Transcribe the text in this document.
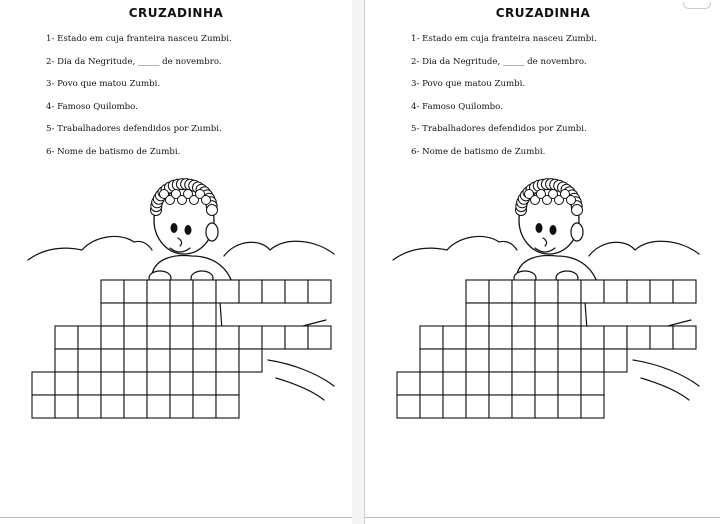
CRUZADINHA
1- Estado em cuja franteira nasceu Zumbi.
2- Dia da Negritude, _____ de novembro.
3- Povo que matou Zumbi.
4- Famoso Quilombo.
5- Trabalhadores defendidos por Zumbi.
6- Nome de batismo de Zumbi.
CRUZADINHA
1- Estado em cuja franteira nasceu Zumbi.
2- Dia da Negritude, _____ de novembro.
3- Povo que matou Zumbi.
4- Famoso Quilombo.
5- Trabalhadores defendidos por Zumbi.
6- Nome de batismo de Zumbi.
